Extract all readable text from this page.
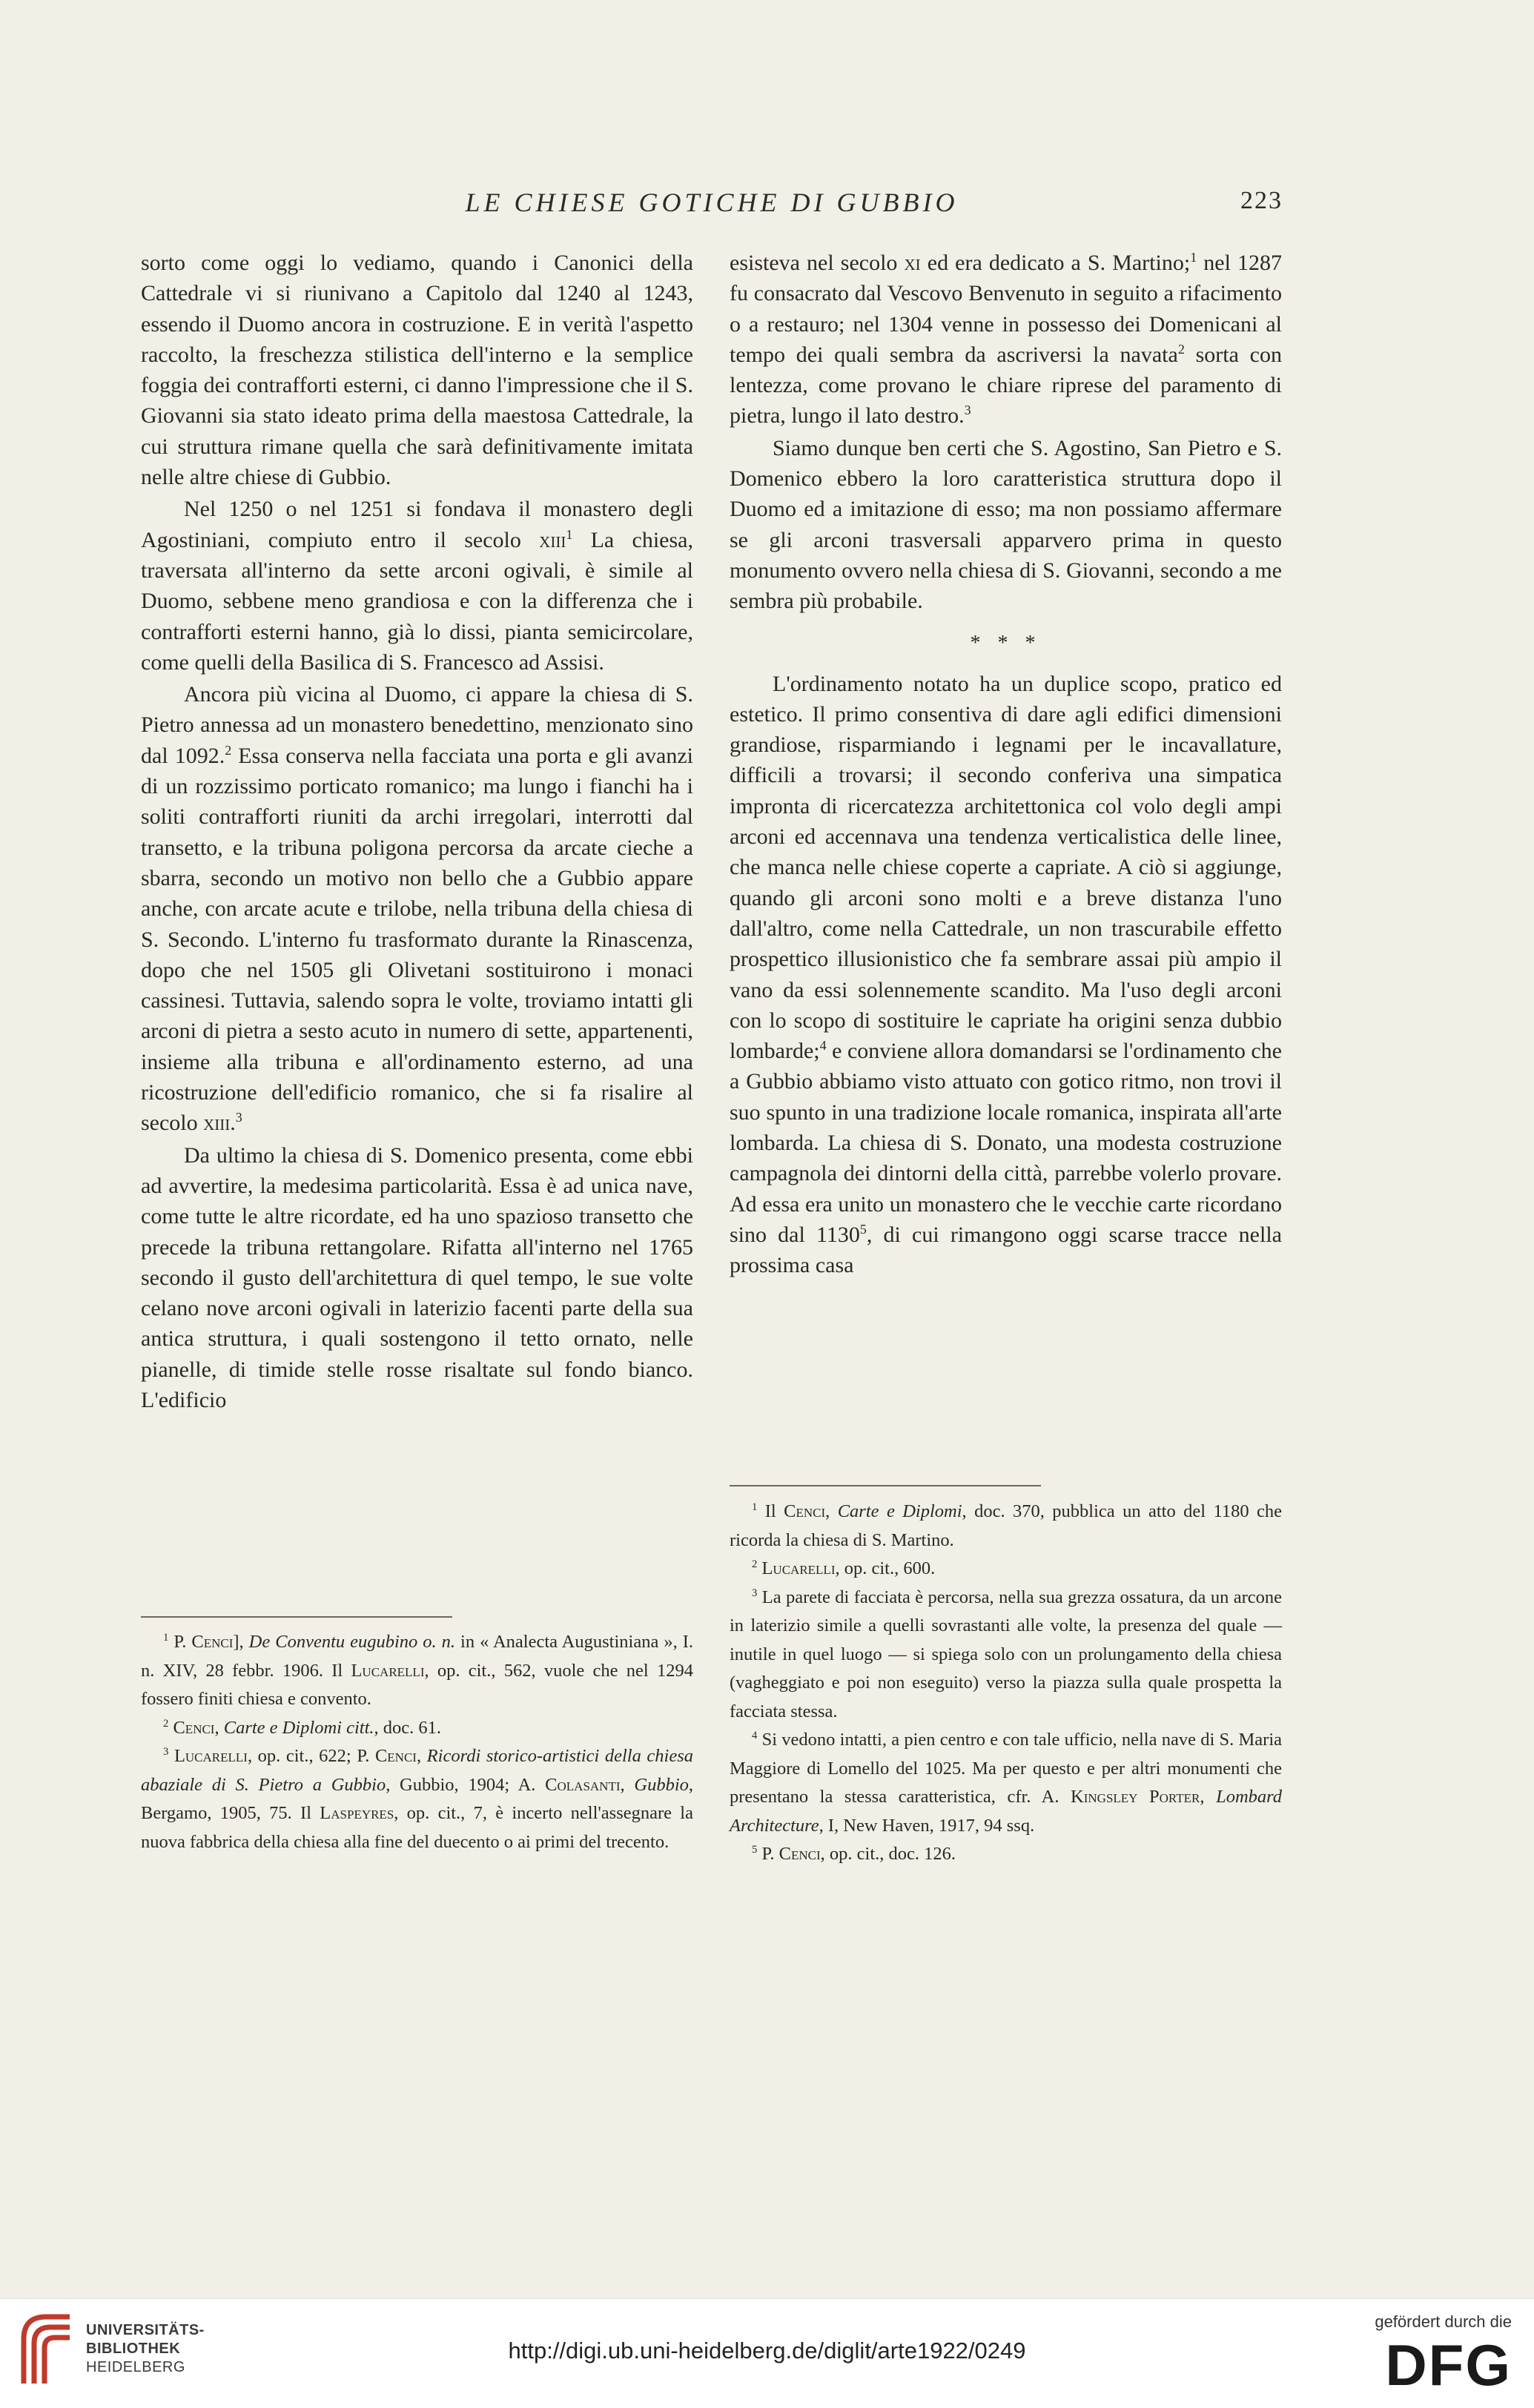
LE CHIESE GOTICHE DI GUBBIO	223

sorto come oggi lo vediamo, quando i Canonici della Cattedrale vi si riunivano a Capitolo dal 1240 al 1243, essendo il Duomo ancora in costruzione. E in verità l'aspetto raccolto, la freschezza stilistica dell'interno e la semplice foggia dei contrafforti esterni, ci danno l'impressione che il S. Giovanni sia stato ideato prima della maestosa Cattedrale, la cui struttura rimane quella che sarà definitivamente imitata nelle altre chiese di Gubbio.

Nel 1250 o nel 1251 si fondava il monastero degli Agostiniani, compiuto entro il secolo xiii$^1$ La chiesa, traversata all'interno da sette arconi ogivali, è simile al Duomo, sebbene meno grandiosa e con la differenza che i contrafforti esterni hanno, già lo dissi, pianta semicircolare, come quelli della Basilica di S. Francesco ad Assisi.

Ancora più vicina al Duomo, ci appare la chiesa di S. Pietro annessa ad un monastero benedettino, menzionato sino dal 1092.$^2$ Essa conserva nella facciata una porta e gli avanzi di un rozzissimo porticato romanico; ma lungo i fianchi ha i soliti contrafforti riuniti da archi irregolari, interrotti dal transetto, e la tribuna poligona percorsa da arcate cieche a sbarra, secondo un motivo non bello che a Gubbio appare anche, con arcate acute e trilobe, nella tribuna della chiesa di S. Secondo. L'interno fu trasformato durante la Rinascenza, dopo che nel 1505 gli Olivetani sostituirono i monaci cassinesi. Tuttavia, salendo sopra le volte, troviamo intatti gli arconi di pietra a sesto acuto in numero di sette, appartenenti, insieme alla tribuna e all'ordinamento esterno, ad una ricostruzione dell'edificio romanico, che si fa risalire al secolo xiii.$^3$

Da ultimo la chiesa di S. Domenico presenta, come ebbi ad avvertire, la medesima particolarità. Essa è ad unica nave, come tutte le altre ricordate, ed ha uno spazioso transetto che precede la tribuna rettangolare. Rifatta all'interno nel 1765 secondo il gusto dell'architettura di quel tempo, le sue volte celano nove arconi ogivali in laterizio facenti parte della sua antica struttura, i quali sostengono il tetto ornato, nelle pianelle, di timide stelle rosse risaltate sul fondo bianco. L'edificio

esisteva nel secolo xi ed era dedicato a S. Martino;$^1$ nel 1287 fu consacrato dal Vescovo Benvenuto in seguito a rifacimento o a restauro; nel 1304 venne in possesso dei Domenicani al tempo dei quali sembra da ascriversi la navata$^2$ sorta con lentezza, come provano le chiare riprese del paramento di pietra, lungo il lato destro.$^3$

Siamo dunque ben certi che S. Agostino, San Pietro e S. Domenico ebbero la loro caratteristica struttura dopo il Duomo ed a imitazione di esso; ma non possiamo affermare se gli arconi trasversali apparvero prima in questo monumento ovvero nella chiesa di S. Giovanni, secondo a me sembra più probabile.

* * *

L'ordinamento notato ha un duplice scopo, pratico ed estetico. Il primo consentiva di dare agli edifici dimensioni grandiose, risparmiando i legnami per le incavallature, difficili a trovarsi; il secondo conferiva una simpatica impronta di ricercatezza architettonica col volo degli ampi arconi ed accennava una tendenza verticalistica delle linee, che manca nelle chiese coperte a capriate. A ciò si aggiunge, quando gli arconi sono molti e a breve distanza l'uno dall'altro, come nella Cattedrale, un non trascurabile effetto prospettico illusionistico che fa sembrare assai più ampio il vano da essi solennemente scandito. Ma l'uso degli arconi con lo scopo di sostituire le capriate ha origini senza dubbio lombarde;$^4$ e conviene allora domandarsi se l'ordinamento che a Gubbio abbiamo visto attuato con gotico ritmo, non trovi il suo spunto in una tradizione locale romanica, inspirata all'arte lombarda. La chiesa di S. Donato, una modesta costruzione campagnola dei dintorni della città, parrebbe volerlo provare. Ad essa era unito un monastero che le vecchie carte ricordano sino dal 1130$^5$, di cui rimangono oggi scarse tracce nella prossima casa

$^1$ P. Cenci], De Conventu eugubino o. n. in « Analecta Augustiniana », I. n. XIV, 28 febbr. 1906. Il Lucarelli, op. cit., 562, vuole che nel 1294 fossero finiti chiesa e convento.

$^2$ Cenci, Carte e Diplomi citt., doc. 61.

$^3$ Lucarelli, op. cit., 622; P. Cenci, Ricordi storico-artistici della chiesa abaziale di S. Pietro a Gubbio, Gubbio, 1904; A. Colasanti, Gubbio, Bergamo, 1905, 75. Il Laspeyres, op. cit., 7, è incerto nell'assegnare la nuova fabbrica della chiesa alla fine del duecento o ai primi del trecento.

$^1$ Il Cenci, Carte e Diplomi, doc. 370, pubblica un atto del 1180 che ricorda la chiesa di S. Martino.

$^2$ Lucarelli, op. cit., 600.

$^3$ La parete di facciata è percorsa, nella sua grezza ossatura, da un arcone in laterizio simile a quelli sovrastanti alle volte, la presenza del quale — inutile in quel luogo — si spiega solo con un prolungamento della chiesa (vagheggiato e poi non eseguito) verso la piazza sulla quale prospetta la facciata stessa.

$^4$ Si vedono intatti, a pien centro e con tale ufficio, nella nave di S. Maria Maggiore di Lomello del 1025. Ma per questo e per altri monumenti che presentano la stessa caratteristica, cfr. A. Kingsley Porter, Lombard Architecture, I, New Haven, 1917, 94 ssq.

$^5$ P. Cenci, op. cit., doc. 126.

UNIVERSITÄTS-
BIBLIOTHEK
HEIDELBERG
http://digi.ub.uni-heidelberg.de/diglit/arte1922/0249
gefördert durch die
DFG
